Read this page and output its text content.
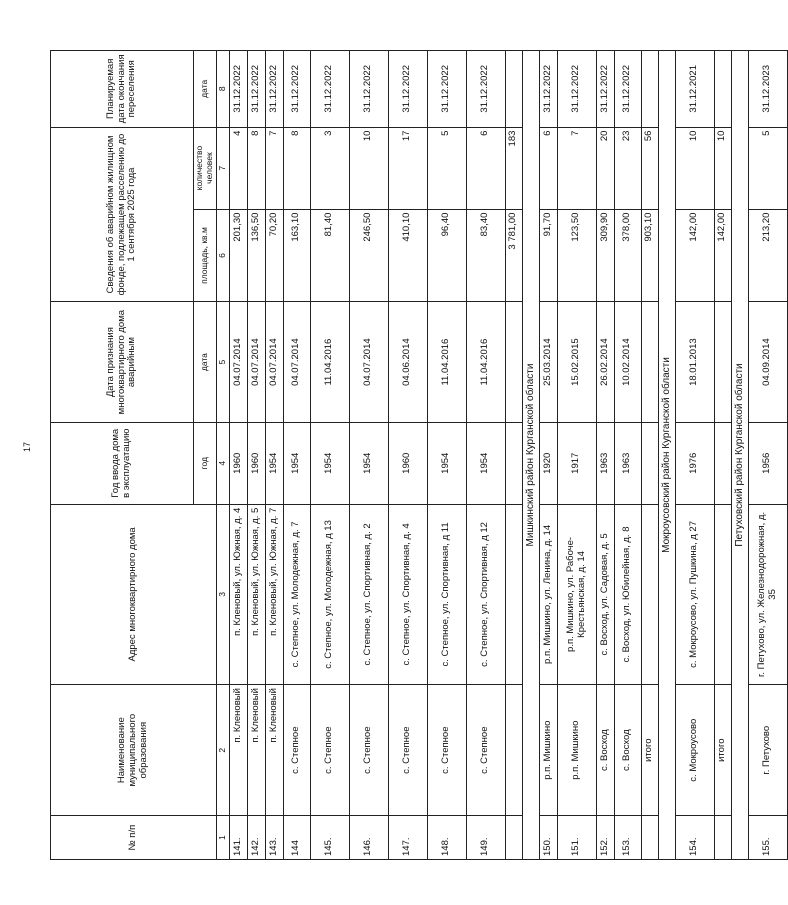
17
№ п/п	Наименование муниципального образования	Адрес многоквартирного дома	Год ввода дома в эксплуатацию	Дата признания многоквартирного дома аварийным	Сведения об аварийном жилищном фонде, подлежащем расселению до 1 сентября 2025 года		Планируемая дата окончания переселения
			год	дата	площадь, кв.м	количество человек	дата
1	2	3	4	5	6	7	8
141.	п. Кленовый	п. Кленовый, ул. Южная, д. 4	1960	04.07.2014	201,30	4	31.12.2022
142.	п. Кленовый	п. Кленовый, ул. Южная, д. 5	1960	04.07.2014	136,50	8	31.12.2022
143.	п. Кленовый	п. Кленовый, ул. Южная, д. 7	1954	04.07.2014	70,20	7	31.12.2022
144	с. Степное	с. Степное, ул. Молодежная, д. 7	1954	04.07.2014	163,10	8	31.12.2022
145.	с. Степное	с. Степное, ул. Молодежная, д 13	1954	11.04.2016	81,40	3	31.12.2022
146.	с. Степное	с. Степное, ул. Спортивная, д. 2	1954	04.07.2014	246,50	10	31.12.2022
147.	с. Степное	с. Степное, ул. Спортивная, д. 4	1960	04.06.2014	410,10	17	31.12.2022
148.	с. Степное	с. Степное, ул. Спортивная, д 11	1954	11.04.2016	96,40	5	31.12.2022
149.	с. Степное	с. Степное, ул. Спортивная, д 12	1954	11.04.2016	83,40	6	31.12.2022
					3 781,00	183	
Мишкинский район Курганской области							
150.	р.п. Мишкино	р.п. Мишкино, ул. Ленина, д. 14	1920	25.03.2014	91,70	6	31.12.2022
151.	р.п. Мишкино	р.п. Мишкино, ул. Рабоче-Крестьянская, д. 14	1917	15.02.2015	123,50	7	31.12.2022
152.	с. Восход	с. Восход, ул. Садовая, д. 5	1963	26.02.2014	309,90	20	31.12.2022
153.	с. Восход	с. Восход, ул. Юбилейная, д. 8	1963	10.02.2014	378,00	23	31.12.2022
	итого				903,10	56	
Мокроусовский район Курганской области							
154.	с. Мокроусово	с. Мокроусово, ул. Пушкина, д 27	1976	18.01.2013	142,00	10	31.12.2021
	итого				142,00	10	
Петуховский район Курганской области							
155.	г. Петухово	г. Петухово, ул. Железнодорожная, д. 35	1956	04.09.2014	213,20	5	31.12.2023
